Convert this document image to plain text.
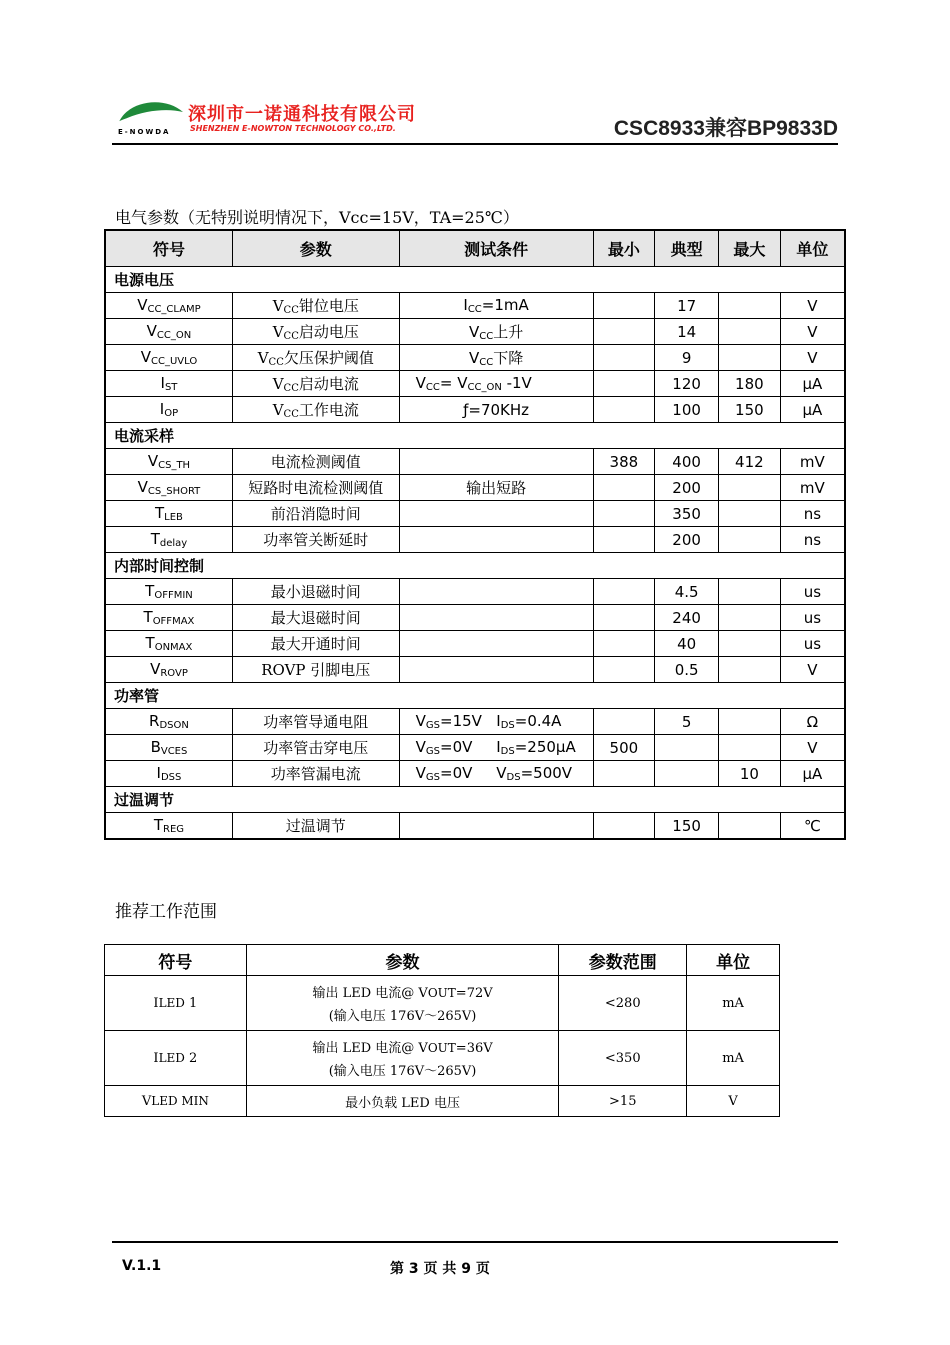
深圳市一诺通科技有限公司
SHENZHEN E-NOWTON TECHNOLOGY CO.,LTD.
E-NOWDA	CSC8933兼容BP9833D
电气参数（无特别说明情况下，Vcc=15V，TA=25℃）
符号	参数	测试条件	最小	典型	最大	单位
电源电压						
$V_{CC\_CLAMP}$	$V_{CC}$钳位电压	$I_{CC}=1mA$		17		V
$V_{CC\_ON}$	$V_{CC}$启动电压	$V_{CC}$上升		14		V
$V_{CC\_UVLO}$	$V_{CC}$欠压保护阈值	$V_{CC}$下降		9		V
$I_{ST}$	$V_{CC}$启动电流	$V_{CC}= V_{CC\_ON}$ -1V		120	180	μA
$I_{OP}$	$V_{CC}$工作电流	ƒ=70KHz		100	150	μA
电流采样						
$V_{CS\_TH}$	电流检测阈值		388	400	412	mV
$V_{CS\_SHORT}$	短路时电流检测阈值	输出短路		200		mV
$T_{LEB}$	前沿消隐时间			350		ns
$T_{delay}$	功率管关断延时			200		ns
内部时间控制						
$T_{OFFMIN}$	最小退磁时间			4.5		us
$T_{OFFMAX}$	最大退磁时间			240		us
$T_{ONMAX}$	最大开通时间			40		us
$V_{ROVP}$	ROVP 引脚电压			0.5		V
功率管						
$R_{DSON}$	功率管导通电阻	$V_{GS}=15V$   $I_{DS}=0.4A$		5		Ω
$B_{VCES}$	功率管击穿电压	$V_{GS}=0V$     $I_{DS}=250\mu A$	500			V
$I_{DSS}$	功率管漏电流	$V_{GS}=0V$     $V_{DS}=500V$			10	μA
过温调节						
$T_{REG}$	过温调节			150		℃
推荐工作范围
符号	参数	参数范围	单位
ILED 1	输出 LED 电流@ VOUT=72V
(输入电压 176V～265V)	<280	mA
ILED 2	输出 LED 电流@ VOUT=36V
(输入电压 176V～265V)	<350	mA
VLED MIN	最小负载 LED 电压	>15	V
V.1.1	第 3 页 共 9 页
